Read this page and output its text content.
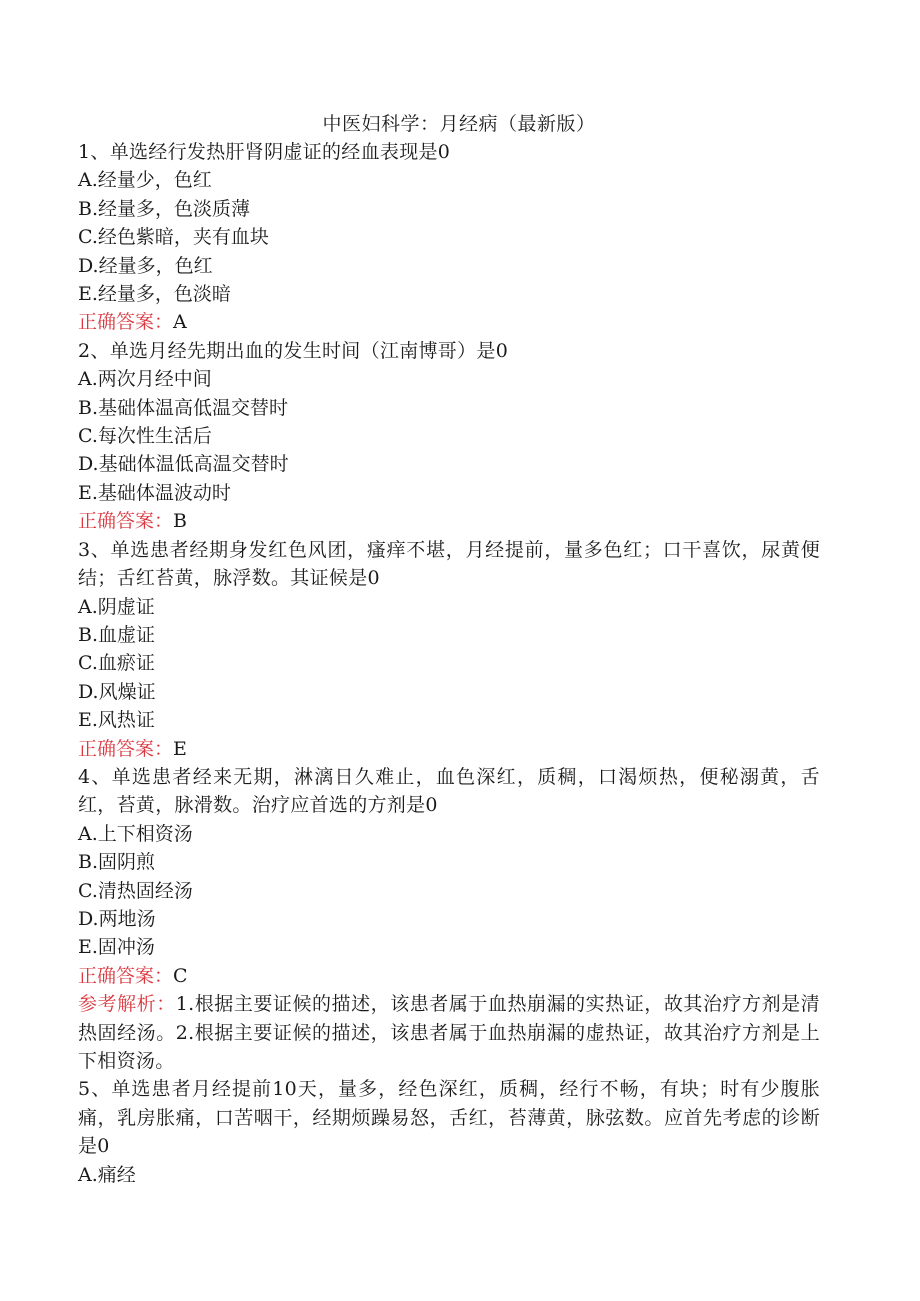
中医妇科学：月经病（最新版）

1、单选经行发热肝肾阴虚证的经血表现是0

A.经量少，色红

B.经量多，色淡质薄

C.经色紫暗，夹有血块

D.经量多，色红

E.经量多，色淡暗

正确答案：A

2、单选月经先期出血的发生时间（江南博哥）是0

A.两次月经中间

B.基础体温高低温交替时

C.每次性生活后

D.基础体温低高温交替时

E.基础体温波动时

正确答案：B

3、单选患者经期身发红色风团，瘙痒不堪，月经提前，量多色红；口干喜饮，尿黄便结；舌红苔黄，脉浮数。其证候是0

A.阴虚证

B.血虚证

C.血瘀证

D.风燥证

E.风热证

正确答案：E

4、单选患者经来无期，淋漓日久难止，血色深红，质稠，口渴烦热，便秘溺黄，舌红，苔黄，脉滑数。治疗应首选的方剂是0

A.上下相资汤

B.固阴煎

C.清热固经汤

D.两地汤

E.固冲汤

正确答案：C

参考解析：1.根据主要证候的描述，该患者属于血热崩漏的实热证，故其治疗方剂是清热固经汤。2.根据主要证候的描述，该患者属于血热崩漏的虚热证，故其治疗方剂是上下相资汤。

5、单选患者月经提前10天，量多，经色深红，质稠，经行不畅，有块；时有少腹胀痛，乳房胀痛，口苦咽干，经期烦躁易怒，舌红，苔薄黄，脉弦数。应首先考虑的诊断是0

A.痛经
